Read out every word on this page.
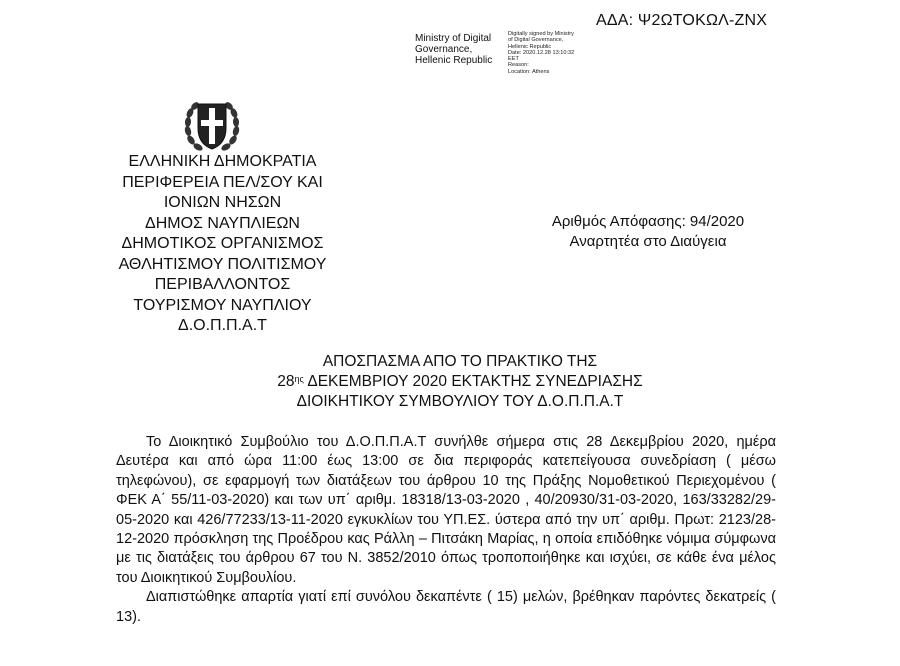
ΑΔΑ: Ψ2ΩΤΟΚΩΛ-ΖΝΧ
Ministry of Digital
Governance,
Hellenic Republic
Digitally signed by Ministry
of Digital Governance,
Hellenic Republic
Date: 2020.12.28 13:10:32
EET
Reason:
Location: Athens
ΕΛΛΗΝΙΚΗ ΔΗΜΟΚΡΑΤΙΑ
ΠΕΡΙΦΕΡΕΙΑ ΠΕΛ/ΣΟΥ ΚΑΙ
ΙΟΝΙΩΝ ΝΗΣΩΝ
ΔΗΜΟΣ ΝΑΥΠΛΙΕΩΝ
ΔΗΜΟΤΙΚΟΣ ΟΡΓΑΝΙΣΜΟΣ
ΑΘΛΗΤΙΣΜΟΥ ΠΟΛΙΤΙΣΜΟΥ
ΠΕΡΙΒΑΛΛΟΝΤΟΣ
ΤΟΥΡΙΣΜΟΥ ΝΑΥΠΛΙΟΥ
Δ.Ο.Π.Π.Α.Τ
Αριθμός Απόφασης: 94/2020
Αναρτητέα στο Διαύγεια
ΑΠΟΣΠΑΣΜΑ ΑΠΟ ΤΟ ΠΡΑΚΤΙΚΟ ΤΗΣ
$28^{\eta\varsigma}$ ΔΕΚΕΜΒΡΙΟΥ 2020 ΕΚΤΑΚΤΗΣ ΣΥΝΕΔΡΙΑΣΗΣ
ΔΙΟΙΚΗΤΙΚΟΥ ΣΥΜΒΟΥΛΙΟΥ ΤΟΥ Δ.Ο.Π.Π.Α.Τ

Το Διοικητικό Συμβούλιο του Δ.Ο.Π.Π.Α.Τ συνήλθε σήμερα στις 28 Δεκεμβρίου 2020, ημέρα Δευτέρα και από ώρα 11:00 έως 13:00 σε δια περιφοράς κατεπείγουσα συνεδρίαση ( μέσω τηλεφώνου), σε εφαρμογή των διατάξεων του άρθρου 10 της Πράξης Νομοθετικού Περιεχομένου ( ΦΕΚ Α΄ 55/11-03-2020) και των υπ΄ αριθμ. 18318/13-03-2020 , 40/20930/31-03-2020, 163/33282/29-05-2020 και 426/77233/13-11-2020 εγκυκλίων του ΥΠ.ΕΣ. ύστερα από την υπ΄ αριθμ. Πρωτ: 2123/28-12-2020 πρόσκληση της Προέδρου κας Ράλλη – Πιτσάκη Μαρίας, η οποία επιδόθηκε νόμιμα σύμφωνα με τις διατάξεις του άρθρου 67 του Ν. 3852/2010 όπως τροποποιήθηκε και ισχύει, σε κάθε ένα μέλος του Διοικητικού Συμβουλίου.

Διαπιστώθηκε απαρτία γιατί επί συνόλου δεκαπέντε ( 15) μελών, βρέθηκαν παρόντες δεκατρείς ( 13).
